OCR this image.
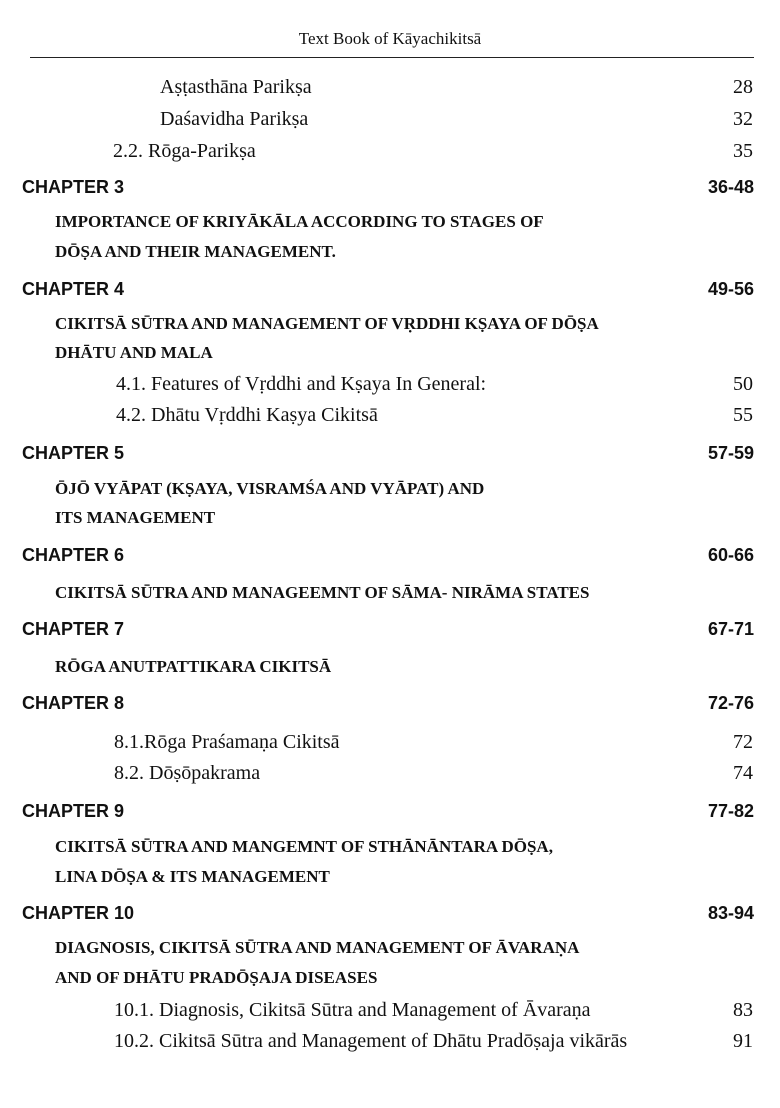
Text Book of Kāyachikitsā
Aṣṭasthāna Parikṣa	28
Daśavidha Parikṣa	32
2.2. Rōga-Parikṣa	35
CHAPTER 3	36-48
IMPORTANCE OF KRIYĀKĀLA ACCORDING TO STAGES OF
DŌṢA AND THEIR MANAGEMENT.
CHAPTER 4	49-56
CIKITSĀ SŪTRA AND MANAGEMENT OF VṚDDHI KṢAYA OF DŌṢA
DHĀTU AND MALA
4.1. Features of Vṛddhi and Kṣaya In General:	50
4.2. Dhātu Vṛddhi Kaṣya Cikitsā	55
CHAPTER 5	57-59
ŌJŌ VYĀPAT (KṢAYA, VISRAMŚA AND VYĀPAT) AND
ITS MANAGEMENT
CHAPTER 6	60-66
CIKITSĀ SŪTRA AND MANAGEEMNT OF SĀMA- NIRĀMA STATES
CHAPTER 7	67-71
RŌGA ANUTPATTIKARA CIKITSĀ
CHAPTER 8	72-76
8.1.Rōga Praśamaṇa Cikitsā	72
8.2. Dōṣōpakrama	74
CHAPTER 9	77-82
CIKITSĀ SŪTRA AND MANGEMNT OF STHĀNĀNTARA DŌṢA,
LINA DŌṢA & ITS MANAGEMENT
CHAPTER 10	83-94
DIAGNOSIS, CIKITSĀ SŪTRA AND MANAGEMENT OF ĀVARAṆA
AND OF DHĀTU PRADŌṢAJA DISEASES
10.1. Diagnosis, Cikitsā Sūtra and Management of Āvaraṇa	83
10.2. Cikitsā Sūtra and Management of Dhātu Pradōṣaja vikārās	91
